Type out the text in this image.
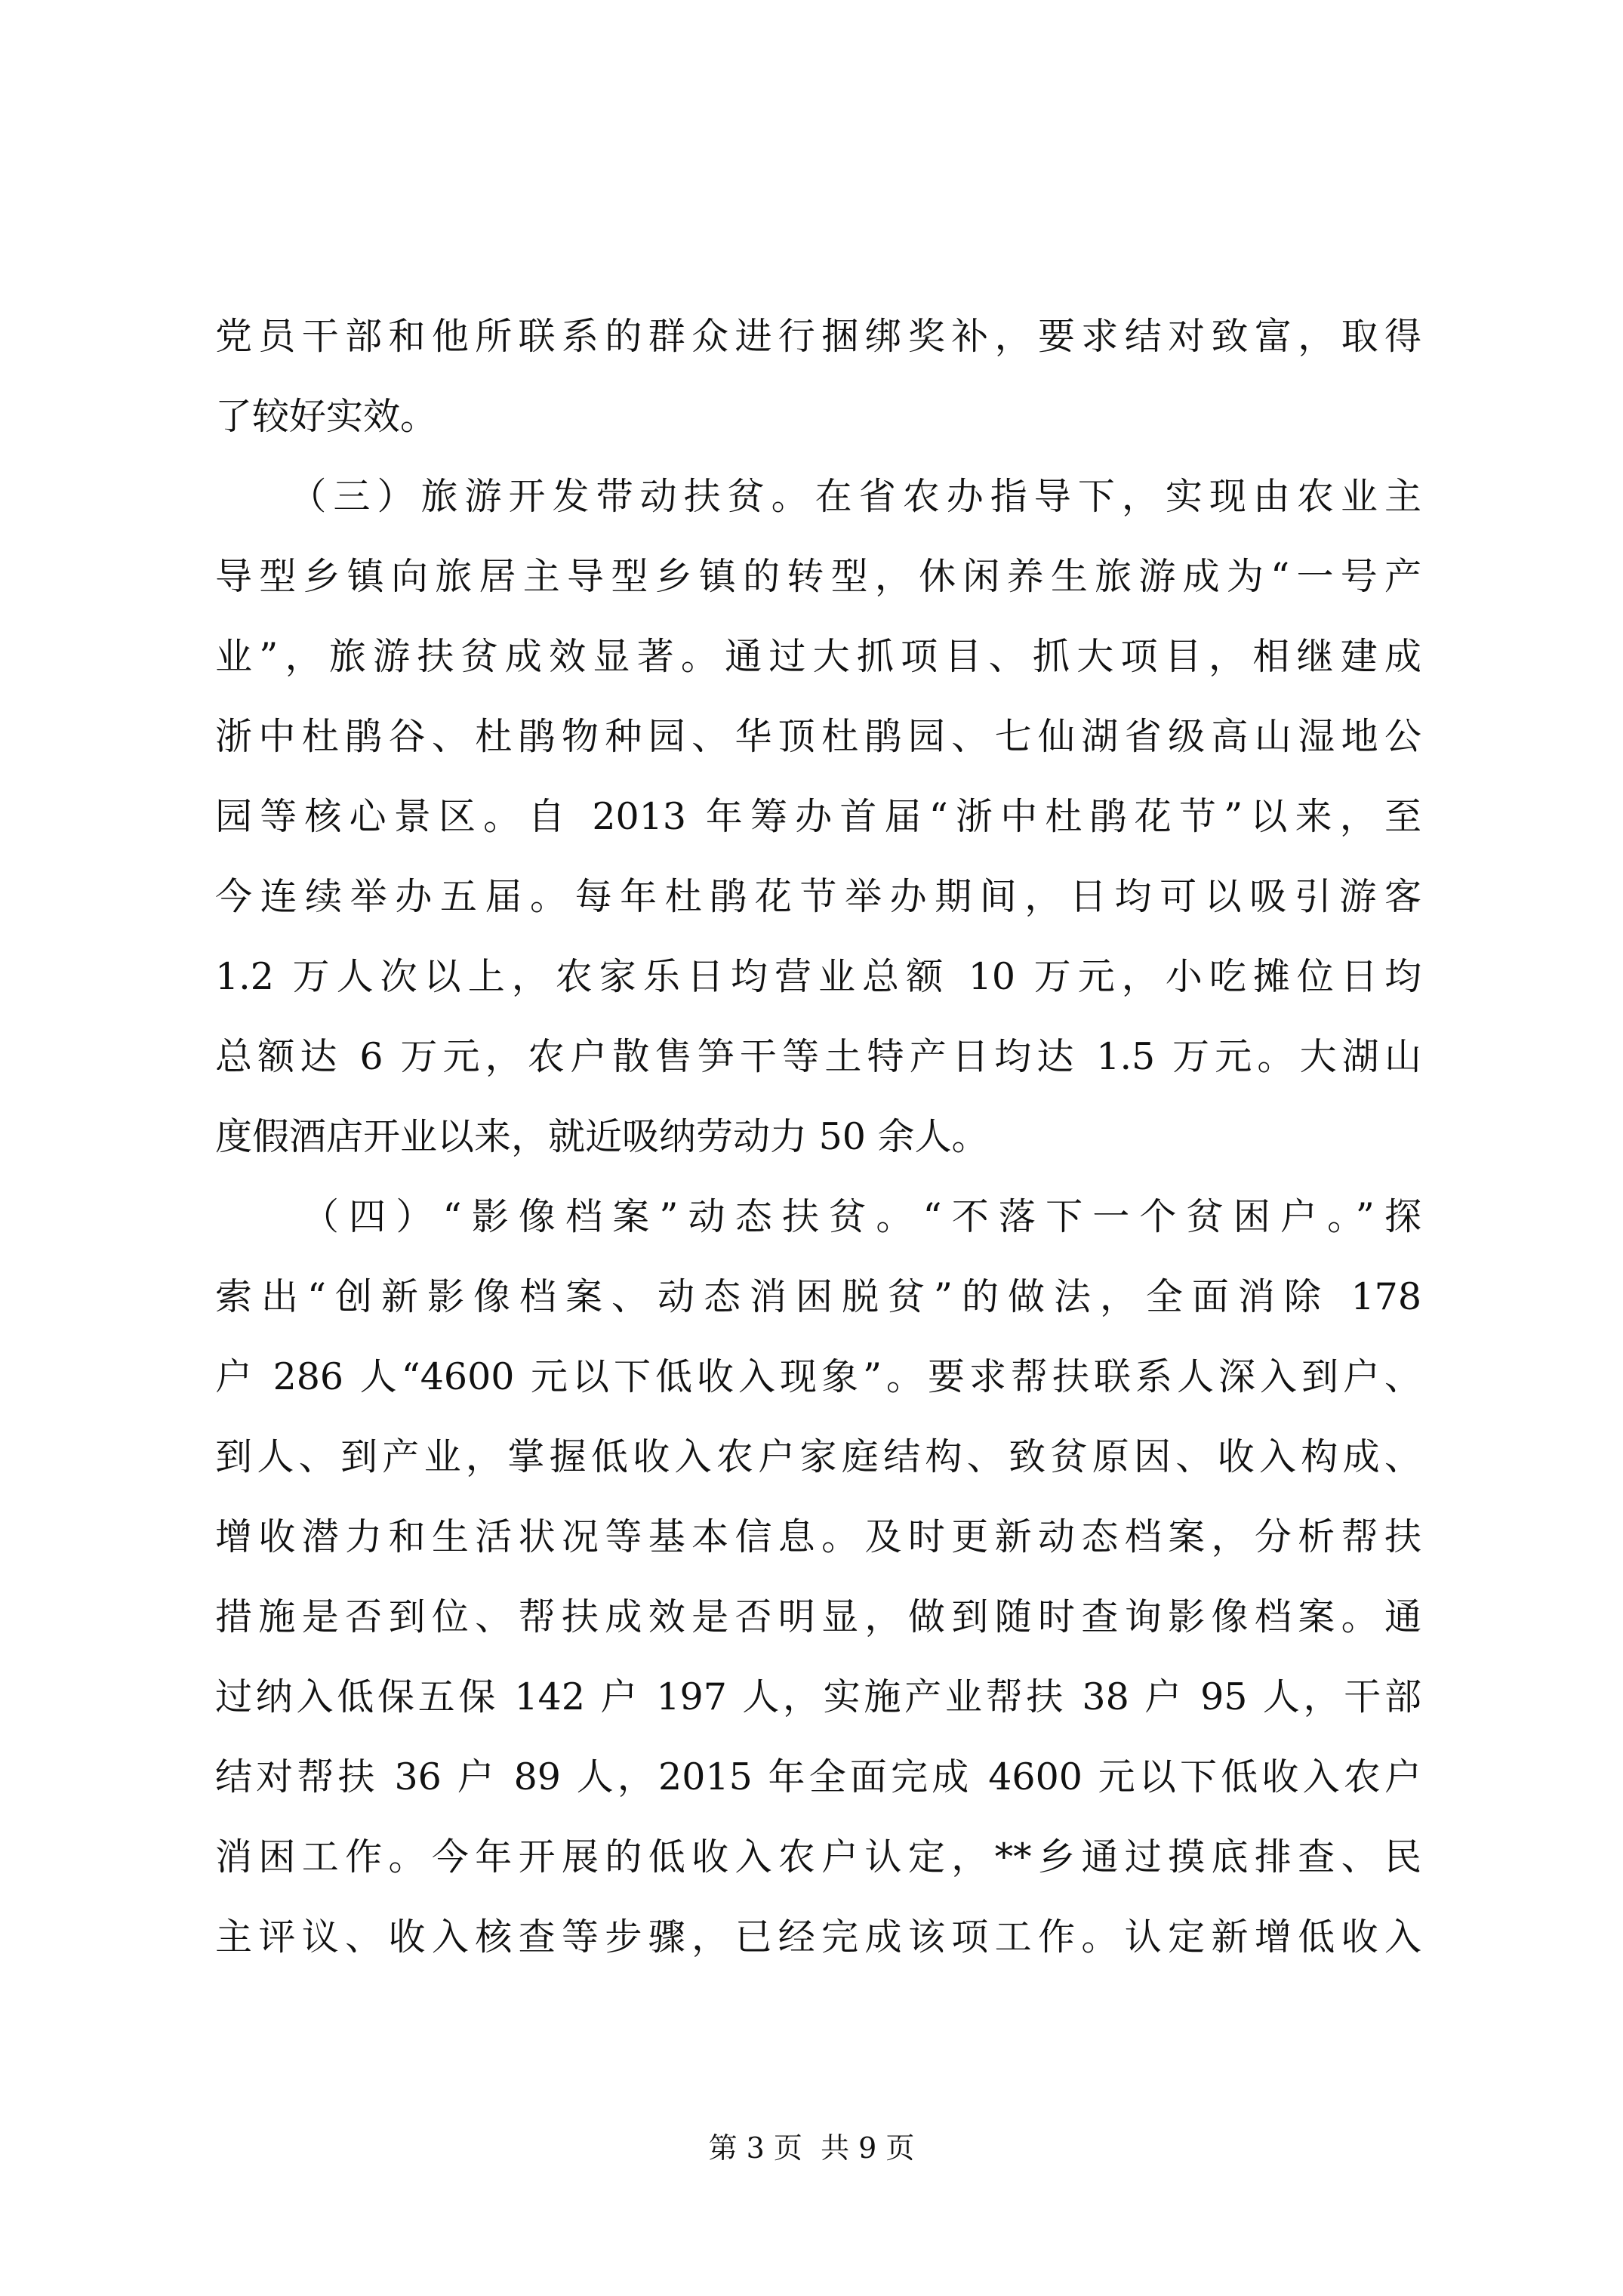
党员干部和他所联系的群众进行捆绑奖补，要求结对致富，取得
了较好实效。
（三）旅游开发带动扶贫。在省农办指导下，实现由农业主
导型乡镇向旅居主导型乡镇的转型，休闲养生旅游成为“一号产
业”，旅游扶贫成效显著。通过大抓项目、抓大项目，相继建成
浙中杜鹃谷、杜鹃物种园、华顶杜鹃园、七仙湖省级高山湿地公
园等核心景区。自 2013 年筹办首届“浙中杜鹃花节”以来，至
今连续举办五届。每年杜鹃花节举办期间，日均可以吸引游客
1.2 万人次以上，农家乐日均营业总额 10 万元，小吃摊位日均
总额达 6 万元，农户散售笋干等土特产日均达 1.5 万元。大湖山
度假酒店开业以来，就近吸纳劳动力 50 余人。
（四）“影像档案”动态扶贫。“不落下一个贫困户。”探
索出“创新影像档案、动态消困脱贫”的做法，全面消除 178
户 286 人“4600 元以下低收入现象”。要求帮扶联系人深入到户、
到人、到产业，掌握低收入农户家庭结构、致贫原因、收入构成、
增收潜力和生活状况等基本信息。及时更新动态档案，分析帮扶
措施是否到位、帮扶成效是否明显，做到随时查询影像档案。通
过纳入低保五保 142 户 197 人，实施产业帮扶 38 户 95 人，干部
结对帮扶 36 户 89 人，2015 年全面完成 4600 元以下低收入农户
消困工作。今年开展的低收入农户认定，**乡通过摸底排查、民
主评议、收入核查等步骤，已经完成该项工作。认定新增低收入
第 3 页  共 9 页
